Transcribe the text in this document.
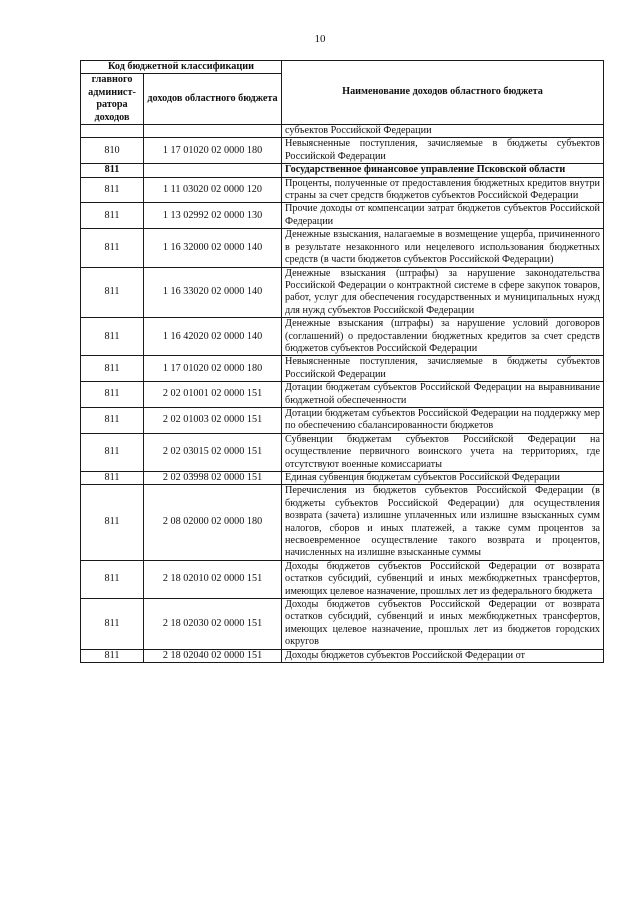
10
Код бюджетной классификации		Наименование доходов областного бюджета
главного админист-ратора доходов	доходов областного бюджета	
		субъектов Российской Федерации
810	1 17 01020 02 0000 180	Невыясненные поступления, зачисляемые в бюджеты субъектов Российской Федерации
811		Государственное финансовое управление Псковской области
811	1 11 03020 02 0000 120	Проценты, полученные от предоставления бюджетных кредитов внутри страны за счет средств бюджетов субъектов Российской Федерации
811	1 13 02992 02 0000 130	Прочие доходы от компенсации затрат бюджетов субъектов Российской Федерации
811	1 16 32000 02 0000 140	Денежные взыскания, налагаемые в возмещение ущерба, причиненного в результате незаконного или нецелевого использования бюджетных средств (в части бюджетов субъектов Российской Федерации)
811	1 16 33020 02 0000 140	Денежные взыскания (штрафы) за нарушение законодательства Российской Федерации о контрактной системе в сфере закупок товаров, работ, услуг для обеспечения государственных и муниципальных нужд для нужд субъектов Российской Федерации
811	1 16 42020 02 0000 140	Денежные взыскания (штрафы) за нарушение условий договоров (соглашений) о предоставлении бюджетных кредитов за счет средств бюджетов субъектов Российской Федерации
811	1 17 01020 02 0000 180	Невыясненные поступления, зачисляемые в бюджеты субъектов Российской Федерации
811	2 02 01001 02 0000 151	Дотации бюджетам субъектов Российской Федерации на выравнивание бюджетной обеспеченности
811	2 02 01003 02 0000 151	Дотации бюджетам субъектов Российской Федерации на поддержку мер по обеспечению сбалансированности бюджетов
811	2 02 03015 02 0000 151	Субвенции бюджетам субъектов Российской Федерации на осуществление первичного воинского учета на территориях, где отсутствуют военные комиссариаты
811	2 02 03998 02 0000 151	Единая субвенция бюджетам субъектов Российской Федерации
811	2 08 02000 02 0000 180	Перечисления из бюджетов субъектов Российской Федерации (в бюджеты субъектов Российской Федерации) для осуществления возврата (зачета) излишне уплаченных или излишне взысканных сумм налогов, сборов и иных платежей, а также сумм процентов за несвоевременное осуществление такого возврата и процентов, начисленных на излишне взысканные суммы
811	2 18 02010 02 0000 151	Доходы бюджетов субъектов Российской Федерации от возврата остатков субсидий, субвенций и иных межбюджетных трансфертов, имеющих целевое назначение, прошлых лет из федерального бюджета
811	2 18 02030 02 0000 151	Доходы бюджетов субъектов Российской Федерации от возврата остатков субсидий, субвенций и иных межбюджетных трансфертов, имеющих целевое назначение, прошлых лет из бюджетов городских округов
811	2 18 02040 02 0000 151	Доходы бюджетов субъектов Российской Федерации от
